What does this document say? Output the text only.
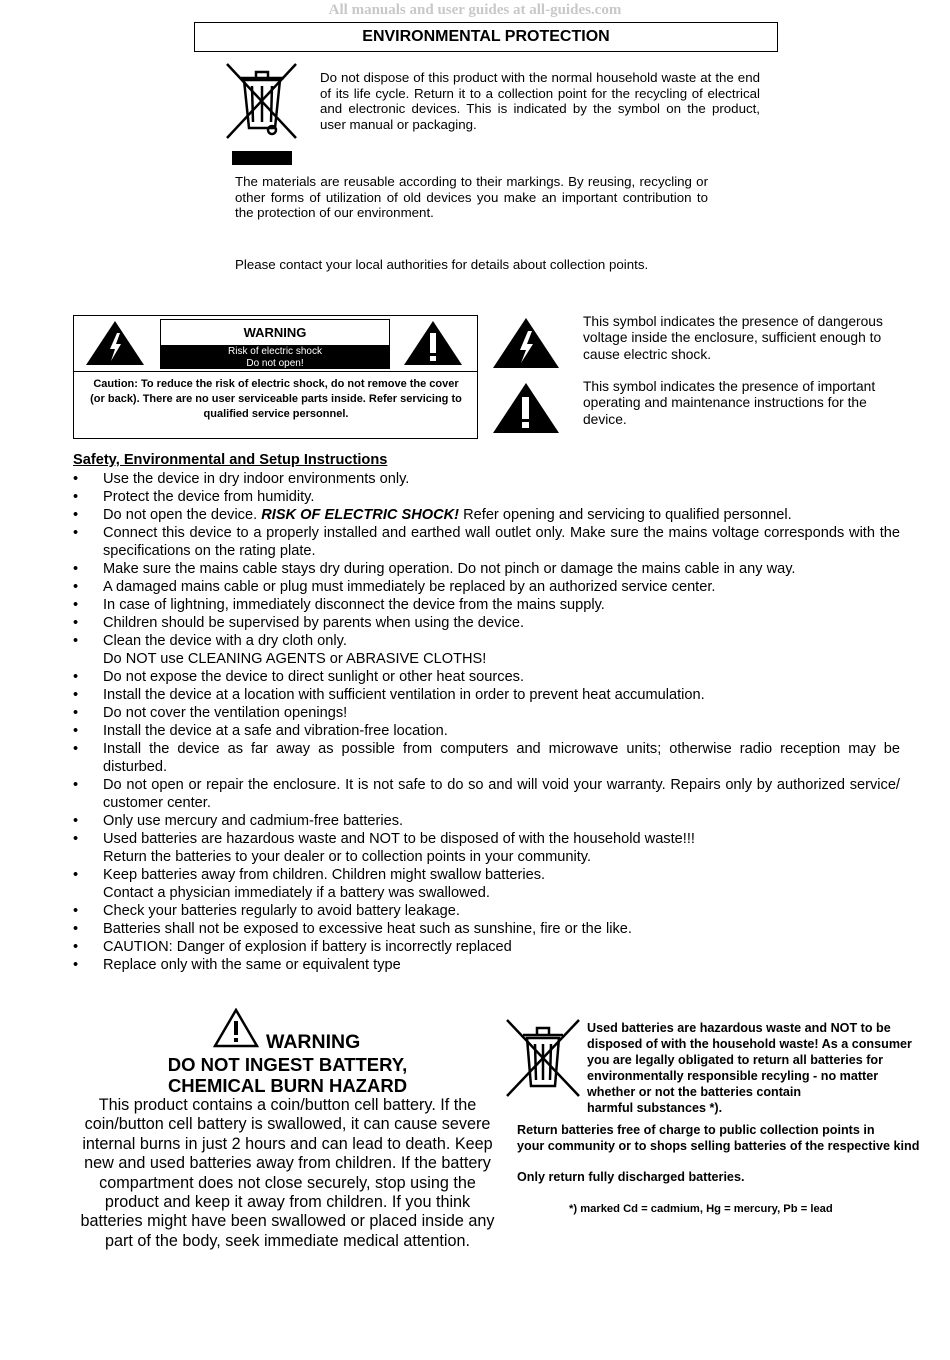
All manuals and user guides at all-guides.com
ENVIRONMENTAL PROTECTION
Do not dispose of this product with the normal household waste at the end of its life cycle. Return it to a collection point for the recycling of electrical and electronic devices. This is indicated by the symbol on the product, user manual or packaging.
The materials are reusable according to their markings. By reusing, recycling or other forms of utilization of old devices you make an important contribution to the protection of our environment.
Please contact your local authorities for details about collection points.
WARNING
Risk of electric shock
Do not open!
Caution: To reduce the risk of electric shock, do not remove the cover (or back). There are no user serviceable parts inside. Refer servicing to qualified service personnel.
This symbol indicates the presence of dangerous voltage inside the enclosure, sufficient enough to cause electric shock.
This symbol indicates the presence of important operating and maintenance instructions for the device.
Safety, Environmental and Setup Instructions
• Use the device in dry indoor environments only.
• Protect the device from humidity.
• Do not open the device. RISK OF ELECTRIC SHOCK! Refer opening and servicing to qualified personnel.
• Connect this device to a properly installed and earthed wall outlet only. Make sure the mains voltage corresponds with the specifications on the rating plate.
• Make sure the mains cable stays dry during operation. Do not pinch or damage the mains cable in any way.
• A damaged mains cable or plug must immediately be replaced by an authorized service center.
• In case of lightning, immediately disconnect the device from the mains supply.
• Children should be supervised by parents when using the device.
• Clean the device with a dry cloth only.
Do NOT use CLEANING AGENTS or ABRASIVE CLOTHS!
• Do not expose the device to direct sunlight or other heat sources.
• Install the device at a location with sufficient ventilation in order to prevent heat accumulation.
• Do not cover the ventilation openings!
• Install the device at a safe and vibration-free location.
• Install the device as far away as possible from computers and microwave units; otherwise radio reception may be disturbed.
• Do not open or repair the enclosure. It is not safe to do so and will void your warranty. Repairs only by authorized service/ customer center.
• Only use mercury and cadmium-free batteries.
• Used batteries are hazardous waste and NOT to be disposed of with the household waste!!!
Return the batteries to your dealer or to collection points in your community.
• Keep batteries away from children. Children might swallow batteries.
Contact a physician immediately if a battery was swallowed.
• Check your batteries regularly to avoid battery leakage.
• Batteries shall not be exposed to excessive heat such as sunshine, fire or the like.
• CAUTION: Danger of explosion if battery is incorrectly replaced
• Replace only with the same or equivalent type
WARNING
DO NOT INGEST BATTERY,
CHEMICAL BURN HAZARD
This product contains a coin/button cell battery. If the coin/button cell battery is swallowed, it can cause severe internal burns in just 2 hours and can lead to death. Keep new and used batteries away from children. If the battery compartment does not close securely, stop using the product and keep it away from children. If you think batteries might have been swallowed or placed inside any part of the body, seek immediate medical attention.
Used batteries are hazardous waste and NOT to be
disposed of with the household waste! As a consumer
you are legally obligated to return all batteries for
environmentally responsible recyling - no matter
whether or not the batteries contain
harmful substances *).
Return batteries free of charge to public collection points in
your community or to shops selling batteries of the respective kind
Only return fully discharged batteries.
*) marked Cd = cadmium, Hg = mercury, Pb = lead
